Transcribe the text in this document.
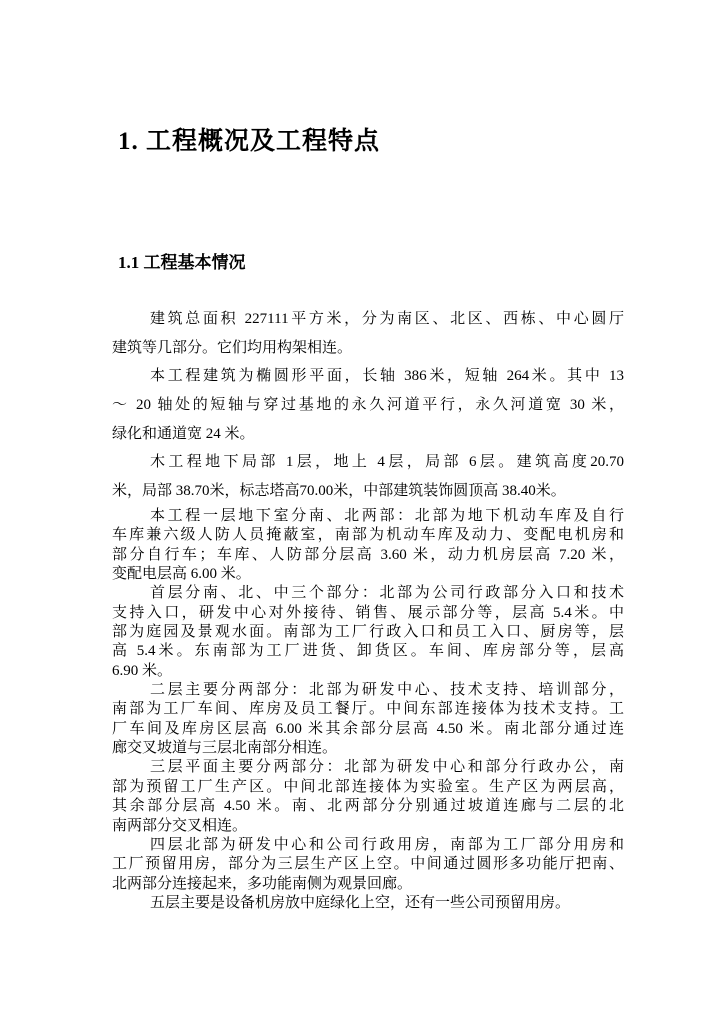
1. 工程概况及工程特点
1.1 工程基本情况
建筑总面积 227111平方米，分为南区、北区、西栋、中心圆厅
建筑等几部分。它们均用构架相连。
本工程建筑为椭圆形平面，长轴 386米，短轴 264米。其中 13
～ 20 轴处的短轴与穿过基地的永久河道平行，永久河道宽 30 米，
绿化和通道宽 24 米。
木工程地下局部 1层，地上 4层，局部 6层。建筑高度20.70
米，局部 38.70米，标志塔高70.00米，中部建筑装饰圆顶高 38.40米。
本工程一层地下室分南、北两部：北部为地下机动车库及自行
车库兼六级人防人员掩蔽室，南部为机动车库及动力、变配电机房和
部分自行车；车库、人防部分层高 3.60 米，动力机房层高 7.20 米，
变配电层高 6.00 米。
首层分南、北、中三个部分：北部为公司行政部分入口和技术
支持入口，研发中心对外接待、销售、展示部分等，层高 5.4米。中
部为庭园及景观水面。南部为工厂行政入口和员工入口、厨房等，层
高 5.4米。东南部为工厂进货、卸货区。车间、库房部分等，层高
6.90 米。
二层主要分两部分：北部为研发中心、技术支持、培训部分，
南部为工厂车间、库房及员工餐厅。中间东部连接体为技术支持。工
厂车间及库房区层高 6.00 米其余部分层高 4.50 米。南北部分通过连
廊交叉坡道与三层北南部分相连。
三层平面主要分两部分：北部为研发中心和部分行政办公，南
部为预留工厂生产区。中间北部连接体为实验室。生产区为两层高，
其余部分层高 4.50 米。南、北两部分分别通过坡道连廊与二层的北
南两部分交叉相连。
四层北部为研发中心和公司行政用房，南部为工厂部分用房和
工厂预留用房，部分为三层生产区上空。中间通过圆形多功能厅把南、
北两部分连接起来，多功能南侧为观景回廊。
五层主要是设备机房放中庭绿化上空，还有一些公司预留用房。
